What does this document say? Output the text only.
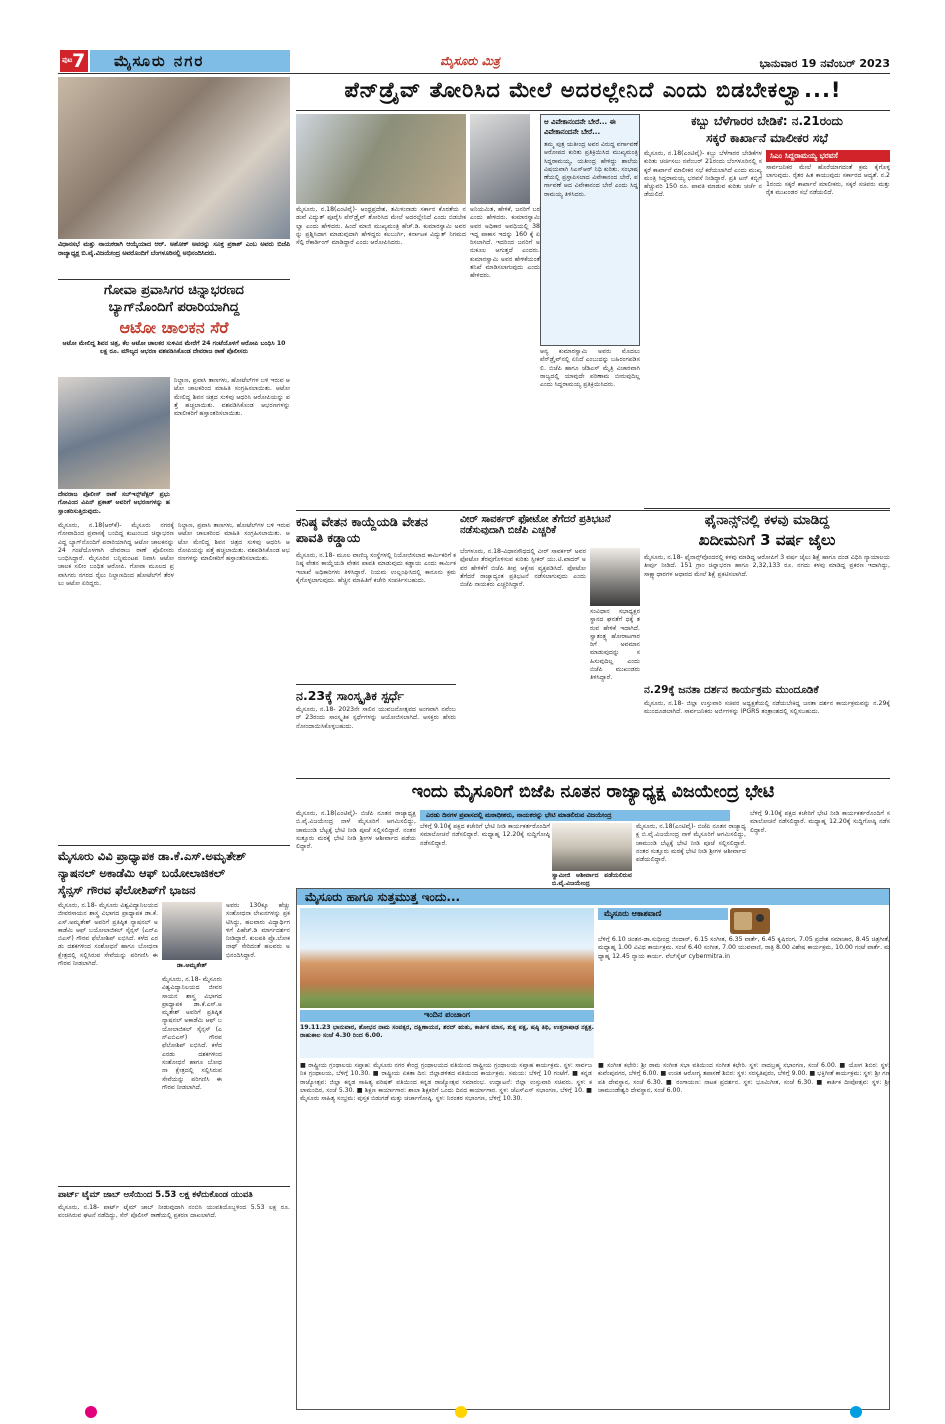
ಪುಟ 7 ಮೈಸೂರು ನಗರ	ಮೈಸೂರು ಮಿತ್ರ	ಭಾನುವಾರ 19 ನವೆಂಬರ್ 2023
ವಿಧಾನಸಭೆ ಮತ್ತು ನಾಯಕರಾಗಿ ಆಯ್ಕೆಯಾದ ಆರ್. ಅಶೋಕ್ ಅವರನ್ನು ಸೂಕ್ತ ಪ್ರಕಾಶ್ ಎಂಬ ಅವರು ಬಿಜೆಪಿ ರಾಜ್ಯಾಧ್ಯಕ್ಷ ಬಿ.ವೈ.ವಿಜಯೇಂದ್ರ ಅವರೊಂದಿಗೆ ಬೆಂಗಳೂರಿನಲ್ಲಿ ಅಭಿನಂದಿಸಿದರು.
ಗೋವಾ ಪ್ರವಾಸಿಗರ ಚಿನ್ನಾಭರಣದ
ಬ್ಯಾಗ್‌ನೊಂದಿಗೆ ಪರಾರಿಯಾಗಿದ್ದ
ಆಟೋ ಚಾಲಕನ ಸೆರೆ
ಆಟೋ ಮೇಲಿದ್ದ ಶಿವನ ಚಿತ್ರ, ಕೆಲ ಆಟೋ ಚಾಲಕರ ಸುಳಿವಿನ ಮೇರೆಗೆ 24 ಗಂಟೆಯೊಳಗೆ ಆರೋಪಿ ಬಂಧಿಸಿ 10 ಲಕ್ಷ ರೂ. ಮೌಲ್ಯದ ಆಭರಣ ವಶಪಡಿಸಿಕೊಂಡ ದೇವರಾಜ ಠಾಣೆ ಪೊಲೀಸರು
ದೇವರಾಜ ಪೊಲೀಸ್ ಠಾಣೆ ಸಬ್‌ಇನ್ಸ್‌ಪೆಕ್ಟರ್ ಪ್ರಭು ಗೋವಿಂದ ವಿಪಿನ್ ಪ್ರಕಾಶ್ ಅವರಿಗೆ ಆಭರಣಗಳನ್ನು ಹಸ್ತಾಂತರಿಸುತ್ತಿರುವುದು.
ನಿಲ್ದಾಣ, ಪ್ರವಾಸಿ ತಾಣಗಳು, ಹೋಟೆಲ್‌ಗಳ ಬಳಿ ಇರುವ ಆಟೋ ಚಾಲಕರಿಂದ ಮಾಹಿತಿ ಸಂಗ್ರಹಿಸಲಾಯಿತು. ಆಟೋ ಮೇಲಿದ್ದ ಶಿವನ ಚಿತ್ರದ ಸುಳಿವು ಆಧರಿಸಿ ಆರೋಪಿಯನ್ನು ಪತ್ತೆ ಹಚ್ಚಲಾಯಿತು. ವಶಪಡಿಸಿಕೊಂಡ ಆಭರಣಗಳನ್ನು ಮಾಲೀಕರಿಗೆ ಹಸ್ತಾಂತರಿಸಲಾಯಿತು.
ಮೈಸೂರು, ನ.18(ಆರ್‌ಕೆ)- ಮೈಸೂರು ನಗರಕ್ಕೆ ಗೋವಾದಿಂದ ಪ್ರವಾಸಕ್ಕೆ ಬಂದಿದ್ದ ಕುಟುಂಬದ ಚಿನ್ನಾಭರಣವಿದ್ದ ಬ್ಯಾಗ್‌ನೊಂದಿಗೆ ಪರಾರಿಯಾಗಿದ್ದ ಆಟೋ ಚಾಲಕನನ್ನು 24 ಗಂಟೆಯೊಳಗಾಗಿ ದೇವರಾಜ ಠಾಣೆ ಪೊಲೀಸರು ಬಂಧಿಸಿದ್ದಾರೆ. ಮೈಸೂರಿನ ಬನ್ನಿಮಂಟಪ ನಿವಾಸಿ ಆಟೋ ಚಾಲಕ ಸಲೀಂ ಬಂಧಿತ ಆರೋಪಿ. ಗೋವಾ ಮೂಲದ ಪ್ರವಾಸಿಗರು ನಗರದ ರೈಲು ನಿಲ್ದಾಣದಿಂದ ಹೋಟೆಲ್‌ಗೆ ತೆರಳಲು ಆಟೋ ಏರಿದ್ದರು.
ನಿಲ್ದಾಣ, ಪ್ರವಾಸಿ ತಾಣಗಳು, ಹೋಟೆಲ್‌ಗಳ ಬಳಿ ಇರುವ ಆಟೋ ಚಾಲಕರಿಂದ ಮಾಹಿತಿ ಸಂಗ್ರಹಿಸಲಾಯಿತು. ಆಟೋ ಮೇಲಿದ್ದ ಶಿವನ ಚಿತ್ರದ ಸುಳಿವು ಆಧರಿಸಿ ಆರೋಪಿಯನ್ನು ಪತ್ತೆ ಹಚ್ಚಲಾಯಿತು. ವಶಪಡಿಸಿಕೊಂಡ ಆಭರಣಗಳನ್ನು ಮಾಲೀಕರಿಗೆ ಹಸ್ತಾಂತರಿಸಲಾಯಿತು.
ಮೈಸೂರು ವಿವಿ ಪ್ರಾಧ್ಯಾಪಕ ಡಾ.ಕೆ.ಎಸ್.ಅಮೃತೇಶ್
ನ್ಯಾಷನಲ್ ಅಕಾಡೆಮಿ ಆಫ್ ಬಯೋಲಾಜಿಕಲ್
ಸೈನ್ಸಸ್ ಗೌರವ ಫೆಲೋಶಿಪ್‌ಗೆ ಭಾಜನ
ಮೈಸೂರು, ನ.18- ಮೈಸೂರು ವಿಶ್ವವಿದ್ಯಾನಿಲಯದ ಜೀವರಸಾಯನ ಶಾಸ್ತ್ರ ವಿಭಾಗದ ಪ್ರಾಧ್ಯಾಪಕ ಡಾ.ಕೆ.ಎಸ್.ಅಮೃತೇಶ್ ಅವರಿಗೆ ಪ್ರತಿಷ್ಠಿತ ನ್ಯಾಷನಲ್ ಅಕಾಡೆಮಿ ಆಫ್ ಬಯೋಲಾಜಿಕಲ್ ಸೈನ್ಸಸ್ (ಎನ್‌ಎಬಿಎಸ್) ಗೌರವ ಫೆಲೋಶಿಪ್ ಲಭಿಸಿದೆ. ಕಳೆದ ಎರಡು ದಶಕಗಳಿಂದ ಸಂಶೋಧನೆ ಹಾಗೂ ಬೋಧನಾ ಕ್ಷೇತ್ರದಲ್ಲಿ ಸಲ್ಲಿಸಿರುವ ಸೇವೆಯನ್ನು ಪರಿಗಣಿಸಿ ಈ ಗೌರವ ನೀಡಲಾಗಿದೆ.	ಡಾ.ಅಮೃತೇಶ್
ಅವರು 130ಕ್ಕೂ ಹೆಚ್ಚು ಸಂಶೋಧನಾ ಲೇಖನಗಳನ್ನು ಪ್ರಕಟಿಸಿದ್ದು, ಹಲವಾರು ವಿದ್ಯಾರ್ಥಿಗಳಿಗೆ ಪಿಹೆಚ್.ಡಿ ಮಾರ್ಗದರ್ಶನ ನೀಡಿದ್ದಾರೆ. ಕುಲಪತಿ ಪ್ರೊ.ಲೋಕನಾಥ್ ಸೇರಿದಂತೆ ಹಲವರು ಅಭಿನಂದಿಸಿದ್ದಾರೆ.
ಮೈಸೂರು, ನ.18- ಮೈಸೂರು ವಿಶ್ವವಿದ್ಯಾನಿಲಯದ ಜೀವರಸಾಯನ ಶಾಸ್ತ್ರ ವಿಭಾಗದ ಪ್ರಾಧ್ಯಾಪಕ ಡಾ.ಕೆ.ಎಸ್.ಅಮೃತೇಶ್ ಅವರಿಗೆ ಪ್ರತಿಷ್ಠಿತ ನ್ಯಾಷನಲ್ ಅಕಾಡೆಮಿ ಆಫ್ ಬಯೋಲಾಜಿಕಲ್ ಸೈನ್ಸಸ್ (ಎನ್‌ಎಬಿಎಸ್) ಗೌರವ ಫೆಲೋಶಿಪ್ ಲಭಿಸಿದೆ. ಕಳೆದ ಎರಡು ದಶಕಗಳಿಂದ ಸಂಶೋಧನೆ ಹಾಗೂ ಬೋಧನಾ ಕ್ಷೇತ್ರದಲ್ಲಿ ಸಲ್ಲಿಸಿರುವ ಸೇವೆಯನ್ನು ಪರಿಗಣಿಸಿ ಈ ಗೌರವ ನೀಡಲಾಗಿದೆ.
ಪಾರ್ಟ್ ಟೈಮ್ ಜಾಬ್ ಆಸೆಯಿಂದ 5.53 ಲಕ್ಷ ಕಳೆದುಕೊಂಡ ಯುವತಿ
ಮೈಸೂರು, ನ.18- ಪಾರ್ಟ್ ಟೈಮ್ ಜಾಬ್ ನೀಡುವುದಾಗಿ ನಂಬಿಸಿ ಯುವತಿಯೊಬ್ಬಳಿಂದ 5.53 ಲಕ್ಷ ರೂ. ವಂಚಿಸಿರುವ ಘಟನೆ ನಡೆದಿದ್ದು, ಸೆನ್ ಪೊಲೀಸ್ ಠಾಣೆಯಲ್ಲಿ ಪ್ರಕರಣ ದಾಖಲಾಗಿದೆ.
ಪೆನ್‌ಡ್ರೈವ್ ತೋರಿಸಿದ ಮೇಲೆ ಅದರಲ್ಲೇನಿದೆ ಎಂದು ಬಿಡಬೇಕಲ್ವಾ...!
ಮೈಸೂರು, ನ.18(ಎಂಟಿವೈ)- ಆಂಧ್ರಪ್ರದೇಶ, ತಮಿಳುನಾಡು ಸರ್ಕಾರ ಕೊರತೆಯ ನಡುವೆ ವಿದ್ಯುತ್ ಪೂರೈಸಿ ಪೆನ್‌ಡ್ರೈವ್ ತೋರಿಸಿದ ಮೇಲೆ ಅದರಲ್ಲೇನಿದೆ ಎಂದು ಬಿಡಬೇಕಲ್ವಾ ಎಂದು ಹೇಳಿದರು. ಹಿಂದೆ ಮಾಜಿ ಮುಖ್ಯಮಂತ್ರಿ ಹೆಚ್.ಡಿ. ಕುಮಾರಸ್ವಾಮಿ ಅವರನ್ನು ಪ್ರಶ್ನಿಸಿದಾಗ ಮಾಡುವುದಾಗಿ ಹೇಳಿದ್ದರು ಕಲಬುರ್ಗಿ, ಕರ್ನಾಟಕ ವಿದ್ಯುತ್ ನಿಗಮದ ಸೆಲ್ಫಿ ರೆಕಾರ್ಡಿಂಗ್ ಮಾಡಿದ್ದಾರೆ ಎಂದು ಆರೋಪಿಸಿದರು.
ಅನಿಯಮಿತ, ಹೇಳಿಕೆ, ಜನರಿಗೆ ಬರ ಎಂದು ಹೇಳಿದರು. ಕುಮಾರಸ್ವಾಮಿ ಅವರ ಅಧಿಕಾರ ಅವಧಿಯಲ್ಲಿ 38 ಇದ್ದ ಪಾಕಾಸ ಇದನ್ನು 160 ಕ್ಕೆ ಏರಿಸಲಾಗಿದೆ. ಇದರಿಂದ ಜನರಿಗೆ ಅನುಕೂಲ ಆಗುತ್ತದೆ ಎಂದರು. ಕುಮಾರಸ್ವಾಮಿ ಅವರ ಹೇಳಿಕೆಯಂತೆ ತನಿಖೆ ಮಾಡಿಸಲಾಗುವುದು ಎಂದು ಹೇಳಿದರು.
ಆ ವಿವೇಕಾನಂದನೇ ಬೇರೆ... ಈ ವಿವೇಕಾನಂದನೇ ಬೇರೆ...
ತಮ್ಮ ಪುತ್ರ ಯತೀಂದ್ರ ಅವರ ವಿರುದ್ಧ ವರ್ಗಾವಣೆ ಆರೋಪದ ಕುರಿತು ಪ್ರತಿಕ್ರಿಯಿಸಿದ ಮುಖ್ಯಮಂತ್ರಿ ಸಿದ್ದರಾಮಯ್ಯ, ಯತೀಂದ್ರ ಹೇಳಿದ್ದು ಶಾಲೆಯ ವಿಷಯವಾಗಿ ಸಿಎಸ್‌ಆರ್ ನಿಧಿ ಕುರಿತು. ಸಂಭಾಷಣೆಯಲ್ಲಿ ಪ್ರಸ್ತಾಪಿಸಲಾದ ವಿವೇಕಾನಂದ ಬೇರೆ, ವರ್ಗಾವಣೆ ಆದ ವಿವೇಕಾನಂದ ಬೇರೆ ಎಂದು ಸಿದ್ದರಾಮಯ್ಯ ತಿಳಿಸಿದರು.
ಆನ್ಯ ಕುಮಾರಸ್ವಾಮಿ ಅವರು ಮೊದಲು ಪೆನ್‌ಡ್ರೈವ್‌ನಲ್ಲಿ ಏನಿದೆ ಎಂಬುದನ್ನು ಬಹಿರಂಗಪಡಿಸಲಿ. ಬಿಜೆಪಿ ಹಾಗೂ ಜೆಡಿಎಸ್ ಮೈತ್ರಿ ವಿಚಾರವಾಗಿ ರಾಜ್ಯದಲ್ಲಿ ಯಾವುದೇ ಪರಿಣಾಮ ಬೀರುವುದಿಲ್ಲ ಎಂದು ಸಿದ್ದರಾಮಯ್ಯ ಪ್ರತಿಕ್ರಿಯಿಸಿದರು.
ಕಬ್ಬು ಬೆಳೆಗಾರರ ಬೇಡಿಕೆ: ನ.21ರಂದು
ಸಕ್ಕರೆ ಕಾರ್ಖಾನೆ ಮಾಲೀಕರ ಸಭೆ
ಮೈಸೂರು, ನ.18(ಎಂಟಿವೈ)- ಕಬ್ಬು ಬೆಳೆಗಾರರ ಬೇಡಿಕೆಗಳ ಕುರಿತು ಚರ್ಚಿಸಲು ನವೆಂಬರ್ 21ರಂದು ಬೆಂಗಳೂರಿನಲ್ಲಿ ಸಕ್ಕರೆ ಕಾರ್ಖಾನೆ ಮಾಲೀಕರ ಸಭೆ ಕರೆಯಲಾಗಿದೆ ಎಂದು ಮುಖ್ಯಮಂತ್ರಿ ಸಿದ್ದರಾಮಯ್ಯ ಭರವಸೆ ನೀಡಿದ್ದಾರೆ. ಪ್ರತಿ ಟನ್ ಕಬ್ಬಿಗೆ ಹೆಚ್ಚುವರಿ 150 ರೂ. ಪಾವತಿ ಮಾಡುವ ಕುರಿತು ಚರ್ಚೆ ನಡೆಯಲಿದೆ.
ಸಿಎಂ ಸಿದ್ದರಾಮಯ್ಯ ಭರವಸೆ
ಸಾರ್ವಜನಿಕರ ಮೇಲೆ ಹೊರೆಯಾಗದಂತೆ ಕ್ರಮ ಕೈಗೊಳ್ಳಲಾಗುವುದು. ರೈತರ ಹಿತ ಕಾಯುವುದು ಸರ್ಕಾರದ ಆದ್ಯತೆ. ನ.21ರಂದು ಸಕ್ಕರೆ ಕಾರ್ಖಾನೆ ಮಾಲೀಕರು, ಸಕ್ಕರೆ ಸಚಿವರು ಮತ್ತು ರೈತ ಮುಖಂಡರ ಸಭೆ ನಡೆಯಲಿದೆ.
ಕನಿಷ್ಠ ವೇತನ ಕಾಯ್ದೆಯಡಿ ವೇತನ ಪಾವತಿ ಕಡ್ಡಾಯ
ಮೈಸೂರು, ನ.18- ಮೂಲ ವಾಣಿಜ್ಯ ಸಂಸ್ಥೆಗಳಲ್ಲಿ ನಿಯೋಜಿಸಲಾದ ಕಾರ್ಮಿಕರಿಗೆ ಕನಿಷ್ಠ ವೇತನ ಕಾಯ್ದೆಯಡಿ ವೇತನ ಪಾವತಿ ಮಾಡುವುದು ಕಡ್ಡಾಯ ಎಂದು ಕಾರ್ಮಿಕ ಇಲಾಖೆ ಅಧಿಕಾರಿಗಳು ತಿಳಿಸಿದ್ದಾರೆ. ನಿಯಮ ಉಲ್ಲಂಘಿಸಿದಲ್ಲಿ ಕಾನೂನು ಕ್ರಮ ಕೈಗೊಳ್ಳಲಾಗುವುದು. ಹೆಚ್ಚಿನ ಮಾಹಿತಿಗೆ ಕಚೇರಿ ಸಂಪರ್ಕಿಸಬಹುದು.
ನ.23ಕ್ಕೆ ಸಾಂಸ್ಕೃತಿಕ ಸ್ಪರ್ಧೆ
ಮೈಸೂರು, ನ.18- 2023ನೇ ಸಾಲಿನ ಯುವಜನೋತ್ಸವದ ಅಂಗವಾಗಿ ನವೆಂಬರ್ 23ರಂದು ಸಾಂಸ್ಕೃತಿಕ ಸ್ಪರ್ಧೆಗಳನ್ನು ಆಯೋಜಿಸಲಾಗಿದೆ. ಆಸಕ್ತರು ಹೆಸರು ನೋಂದಾಯಿಸಿಕೊಳ್ಳಬಹುದು.
ವೀರ್ ಸಾವರ್ಕರ್ ಫೋಟೋ ತೆಗೆದರೆ ಪ್ರತಿಭಟನೆ ನಡೆಸುವುದಾಗಿ ಬಿಜೆಪಿ ಎಚ್ಚರಿಕೆ
ಬೆಂಗಳೂರು, ನ.18-ವಿಧಾನಸೌಧದಲ್ಲಿ ವೀರ್ ಸಾವರ್ಕರ್ ಅವರ ಫೋಟೋ ತೆರವುಗೊಳಿಸುವ ಕುರಿತು ಸ್ಪೀಕರ್ ಯು.ಟಿ.ಖಾದರ್ ಅವರ ಹೇಳಿಕೆಗೆ ಬಿಜೆಪಿ ತೀವ್ರ ಆಕ್ಷೇಪ ವ್ಯಕ್ತಪಡಿಸಿದೆ. ಫೋಟೋ ತೆಗೆದರೆ ರಾಜ್ಯಾದ್ಯಂತ ಪ್ರತಿಭಟನೆ ನಡೆಸಲಾಗುವುದು ಎಂದು ಬಿಜೆಪಿ ನಾಯಕರು ಎಚ್ಚರಿಸಿದ್ದಾರೆ.
ಸಂವಿಧಾನ ಸಭಾಧ್ಯಕ್ಷರ ಸ್ಥಾನದ ಘನತೆಗೆ ಧಕ್ಕೆ ತರುವ ಹೇಳಿಕೆ ಇದಾಗಿದೆ. ಸ್ವಾತಂತ್ರ್ಯ ಹೋರಾಟಗಾರರಿಗೆ ಅವಮಾನ ಮಾಡುವುದನ್ನು ಸಹಿಸುವುದಿಲ್ಲ ಎಂದು ಬಿಜೆಪಿ ಮುಖಂಡರು ತಿಳಿಸಿದ್ದಾರೆ.
ಫೈನಾನ್ಸ್‌ನಲ್ಲಿ ಕಳವು ಮಾಡಿದ್ದ
ಖದೀಮನಿಗೆ 3 ವರ್ಷ ಜೈಲು
ಮೈಸೂರು, ನ.18- ಫೈನಾನ್ಸ್‌ವೊಂದರಲ್ಲಿ ಕಳವು ಮಾಡಿದ್ದ ಆರೋಪಿಗೆ 3 ವರ್ಷ ಜೈಲು ಶಿಕ್ಷೆ ಹಾಗೂ ದಂಡ ವಿಧಿಸಿ ನ್ಯಾಯಾಲಯ ತೀರ್ಪು ನೀಡಿದೆ. 151 ಗ್ರಾಂ ಚಿನ್ನಾಭರಣ ಹಾಗೂ 2,32,133 ರೂ. ನಗದು ಕಳವು ಮಾಡಿದ್ದ ಪ್ರಕರಣ ಇದಾಗಿದ್ದು, ಸಾಕ್ಷ್ಯಾಧಾರಗಳ ಆಧಾರದ ಮೇಲೆ ಶಿಕ್ಷೆ ಪ್ರಕಟಿಸಲಾಗಿದೆ.
ನ.29ಕ್ಕೆ ಜನತಾ ದರ್ಶನ ಕಾರ್ಯಕ್ರಮ ಮುಂದೂಡಿಕೆ
ಮೈಸೂರು, ನ.18- ಜಿಲ್ಲಾ ಉಸ್ತುವಾರಿ ಸಚಿವರ ಅಧ್ಯಕ್ಷತೆಯಲ್ಲಿ ನಡೆಯಬೇಕಿದ್ದ ಜನತಾ ದರ್ಶನ ಕಾರ್ಯಕ್ರಮವನ್ನು ನ.29ಕ್ಕೆ ಮುಂದೂಡಲಾಗಿದೆ. ಸಾರ್ವಜನಿಕರು ಅರ್ಜಿಗಳನ್ನು IPGRS ತಂತ್ರಾಂಶದಲ್ಲಿ ಸಲ್ಲಿಸಬಹುದು.
ಇಂದು ಮೈಸೂರಿಗೆ ಬಿಜೆಪಿ ನೂತನ ರಾಜ್ಯಾಧ್ಯಕ್ಷ ವಿಜಯೇಂದ್ರ ಭೇಟಿ
ಮೈಸೂರು, ನ.18(ಎಂಟಿವೈ)- ಬಿಜೆಪಿ ನೂತನ ರಾಜ್ಯಾಧ್ಯಕ್ಷ ಬಿ.ವೈ.ವಿಜಯೇಂದ್ರ ನಾಳೆ ಮೈಸೂರಿಗೆ ಆಗಮಿಸಲಿದ್ದು, ಚಾಮುಂಡಿ ಬೆಟ್ಟಕ್ಕೆ ಭೇಟಿ ನೀಡಿ ಪೂಜೆ ಸಲ್ಲಿಸಲಿದ್ದಾರೆ. ನಂತರ ಸುತ್ತೂರು ಮಠಕ್ಕೆ ಭೇಟಿ ನೀಡಿ ಶ್ರೀಗಳ ಆಶೀರ್ವಾದ ಪಡೆಯಲಿದ್ದಾರೆ.
ಎರಡು ದಿನಗಳ ಪ್ರವಾಸದಲ್ಲಿ ಮಠಾಧೀಶರು, ನಾಯಕರನ್ನು ಭೇಟಿ ಮಾಡಲಿರುವ ವಿಜಯೇಂದ್ರ
ಬೆಳಿಗ್ಗೆ 9.10ಕ್ಕೆ ಪಕ್ಷದ ಕಚೇರಿಗೆ ಭೇಟಿ ನೀಡಿ ಕಾರ್ಯಕರ್ತರೊಂದಿಗೆ ಸಮಾಲೋಚನೆ ನಡೆಸಲಿದ್ದಾರೆ. ಮಧ್ಯಾಹ್ನ 12.20ಕ್ಕೆ ಸುದ್ದಿಗೋಷ್ಠಿ ನಡೆಸಲಿದ್ದಾರೆ.
ಸ್ವಾಮೀಜಿ ಆಶೀರ್ವಾದ ಪಡೆಯಲಿರುವ ಬಿ.ವೈ.ವಿಜಯೇಂದ್ರ
ಮೈಸೂರು, ನ.18(ಎಂಟಿವೈ)- ಬಿಜೆಪಿ ನೂತನ ರಾಜ್ಯಾಧ್ಯಕ್ಷ ಬಿ.ವೈ.ವಿಜಯೇಂದ್ರ ನಾಳೆ ಮೈಸೂರಿಗೆ ಆಗಮಿಸಲಿದ್ದು, ಚಾಮುಂಡಿ ಬೆಟ್ಟಕ್ಕೆ ಭೇಟಿ ನೀಡಿ ಪೂಜೆ ಸಲ್ಲಿಸಲಿದ್ದಾರೆ. ನಂತರ ಸುತ್ತೂರು ಮಠಕ್ಕೆ ಭೇಟಿ ನೀಡಿ ಶ್ರೀಗಳ ಆಶೀರ್ವಾದ ಪಡೆಯಲಿದ್ದಾರೆ.
ಬೆಳಿಗ್ಗೆ 9.10ಕ್ಕೆ ಪಕ್ಷದ ಕಚೇರಿಗೆ ಭೇಟಿ ನೀಡಿ ಕಾರ್ಯಕರ್ತರೊಂದಿಗೆ ಸಮಾಲೋಚನೆ ನಡೆಸಲಿದ್ದಾರೆ. ಮಧ್ಯಾಹ್ನ 12.20ಕ್ಕೆ ಸುದ್ದಿಗೋಷ್ಠಿ ನಡೆಸಲಿದ್ದಾರೆ.
ಮೈಸೂರು ಹಾಗೂ ಸುತ್ತಮುತ್ತ ಇಂದು...
ಇಂದಿನ ಪಂಚಾಂಗ
19.11.23 ಭಾನುವಾರ, ಶೋಭನ ನಾಮ ಸಂವತ್ಸರ, ದಕ್ಷಿಣಾಯನ, ಶರದ್ ಋತು, ಕಾರ್ತಿಕ ಮಾಸ, ಶುಕ್ಲ ಪಕ್ಷ, ಷಷ್ಠಿ ತಿಥಿ, ಉತ್ತರಾಷಾಢ ನಕ್ಷತ್ರ. ರಾಹುಕಾಲ ಸಂಜೆ 4.30 ರಿಂದ 6.00.
ಮೈಸೂರು ಆಕಾಶವಾಣಿ
ಬೆಳಿಗ್ಗೆ 6.10 ಚಿಂತನ-ಡಾ.ಸುಧೀಂದ್ರ ಜಿಂದಾರ್, 6.15 ಸಂಗೀತ, 6.35 ವಾರ್ತೆ, 6.45 ಕೃಷಿರಂಗ, 7.05 ಪ್ರದೇಶ ಸಮಾಚಾರ, 8.45 ಚಿತ್ರಗೀತೆ, ಮಧ್ಯಾಹ್ನ 1.00 ವಿವಿಧ ಕಾರ್ಯಕ್ರಮ. ಸಂಜೆ 6.40 ಸಂಗೀತ, 7.00 ಯುವವಾಣಿ, ರಾತ್ರಿ 8.00 ವಿಶೇಷ ಕಾರ್ಯಕ್ರಮ, 10.00 ಗಂಟೆ ವಾರ್ತೆ. ಮಧ್ಯಾಹ್ನ 12.45 ನ್ಯಾಯ ಕಾರ್ಯ. ವೆಬ್‌ಸೈಟ್ cybermitra.in
■ ರಾಷ್ಟ್ರೀಯ ಗ್ರಂಥಾಲಯ ಸಪ್ತಾಹ: ಮೈಸೂರು ನಗರ ಕೇಂದ್ರ ಗ್ರಂಥಾಲಯದ ವತಿಯಿಂದ ರಾಷ್ಟ್ರೀಯ ಗ್ರಂಥಾಲಯ ಸಪ್ತಾಹ ಕಾರ್ಯಕ್ರಮ. ಸ್ಥಳ: ಸಾರ್ವಜನಿಕ ಗ್ರಂಥಾಲಯ, ಬೆಳಿಗ್ಗೆ 10.30. ■ ರಾಷ್ಟ್ರೀಯ ಏಕತಾ ದಿನ: ಜಿಲ್ಲಾಡಳಿತದ ವತಿಯಿಂದ ಕಾರ್ಯಕ್ರಮ. ಸಮಯ: ಬೆಳಿಗ್ಗೆ 10 ಗಂಟೆಗೆ. ■ ಕನ್ನಡ ರಾಜ್ಯೋತ್ಸವ: ಜಿಲ್ಲಾ ಕನ್ನಡ ಸಾಹಿತ್ಯ ಪರಿಷತ್ ವತಿಯಿಂದ ಕನ್ನಡ ರಾಜ್ಯೋತ್ಸವ ಸಮಾರಂಭ. ಉದ್ಘಾಟನೆ: ಜಿಲ್ಲಾ ಉಸ್ತುವಾರಿ ಸಚಿವರು. ಸ್ಥಳ: ಕಲಾಮಂದಿರ, ಸಂಜೆ 5.30. ■ ಶಿಕ್ಷಣ ಕಾರ್ಯಾಗಾರ: ಶಾಲಾ ಶಿಕ್ಷಕರಿಗೆ ಒಂದು ದಿನದ ಕಾರ್ಯಾಗಾರ. ಸ್ಥಳ: ಜೆಎಸ್‌ಎಸ್ ಸಭಾಂಗಣ, ಬೆಳಿಗ್ಗೆ 10. ■ ಮೈಸೂರು ಸಾಹಿತ್ಯ ಸಂಭ್ರಮ: ಪುಸ್ತಕ ಬಿಡುಗಡೆ ಮತ್ತು ಚರ್ಚಾಗೋಷ್ಠಿ. ಸ್ಥಳ: ನಿರಂತರ ಸಭಾಂಗಣ, ಬೆಳಿಗ್ಗೆ 10.30.
■ ಸಂಗೀತ ಕಛೇರಿ: ಶ್ರೀ ರಾಮ ಸಂಗೀತ ಸಭಾ ವತಿಯಿಂದ ಸಂಗೀತ ಕಛೇರಿ. ಸ್ಥಳ: ನಾದಬ್ರಹ್ಮ ಸಭಾಂಗಣ, ಸಂಜೆ 6.00. ■ ಯೋಗ ಶಿಬಿರ: ಸ್ಥಳ: ಕುವೆಂಪುನಗರ, ಬೆಳಿಗ್ಗೆ 6.00. ■ ಉಚಿತ ಆರೋಗ್ಯ ತಪಾಸಣೆ ಶಿಬಿರ: ಸ್ಥಳ: ಸರಸ್ವತಿಪುರಂ, ಬೆಳಿಗ್ಗೆ 9.00. ■ ಭಕ್ತಿಗೀತೆ ಕಾರ್ಯಕ್ರಮ: ಸ್ಥಳ: ಶ್ರೀ ಗಣಪತಿ ದೇವಸ್ಥಾನ, ಸಂಜೆ 6.30. ■ ರಂಗಾಯಣ: ನಾಟಕ ಪ್ರದರ್ಶನ. ಸ್ಥಳ: ಭೂಮಿಗೀತ, ಸಂಜೆ 6.30. ■ ಕಾರ್ತಿಕ ದೀಪೋತ್ಸವ: ಸ್ಥಳ: ಶ್ರೀ ಚಾಮುಂಡೇಶ್ವರಿ ದೇವಸ್ಥಾನ, ಸಂಜೆ 6.00.
